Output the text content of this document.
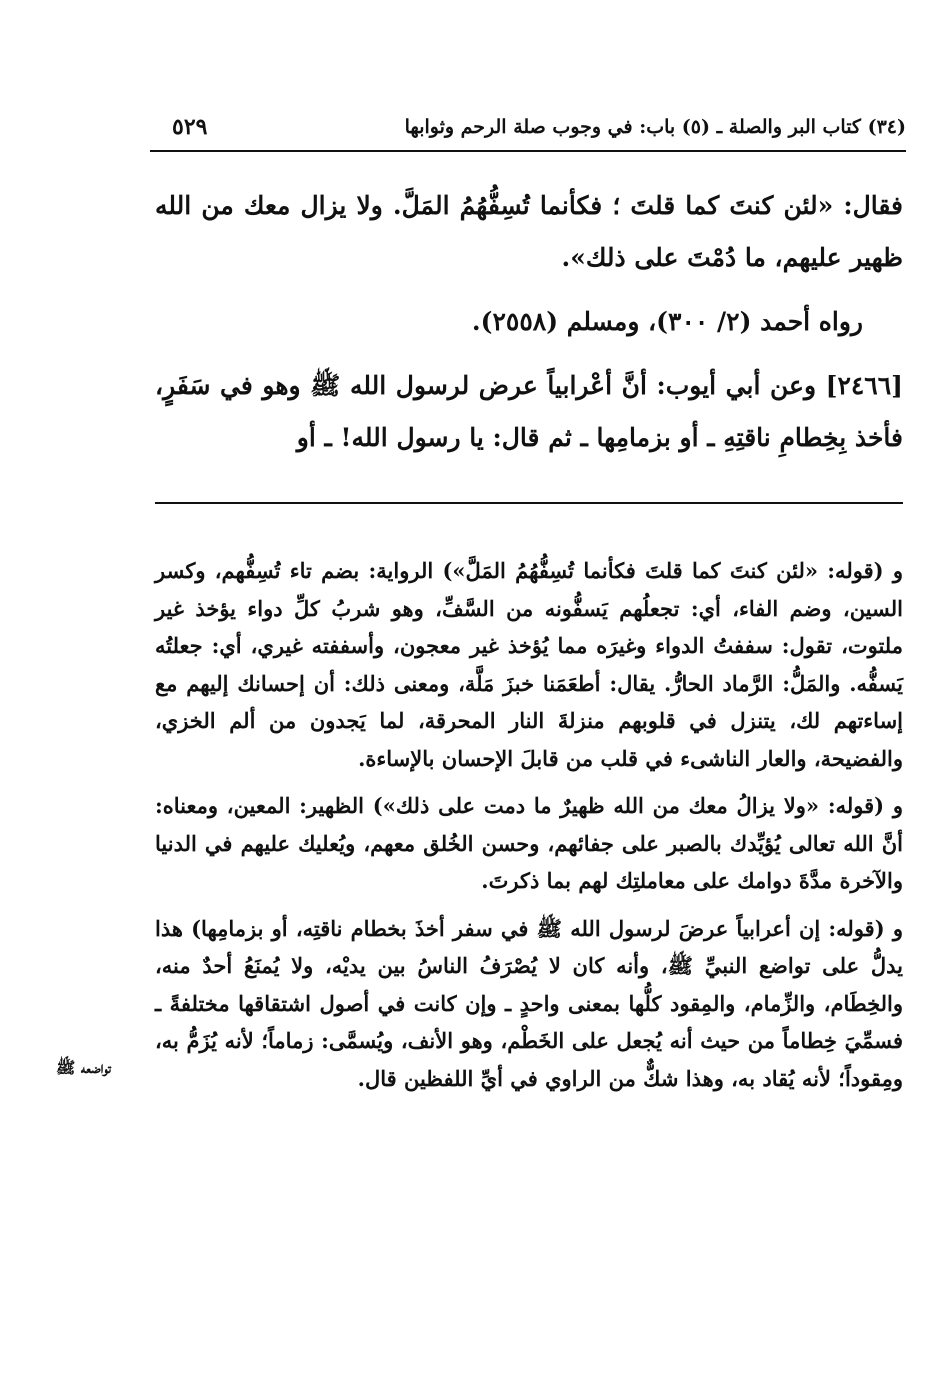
٥٢٩	(٣٤) كتاب البر والصلة ـ (٥) باب: في وجوب صلة الرحم وثوابها

فقال: «لئن كنتَ كما قلتَ ؛ فكأنما تُسِفُّهُمُ المَلَّ. ولا يزال معك من الله ظهير عليهم، ما دُمْتَ على ذلك».

رواه أحمد (٢/ ٣٠٠)، ومسلم (٢٥٥٨).

[٢٤٦٦] وعن أبي أيوب: أنَّ أعْرابياً عرض لرسول الله ﷺ وهو في سَفَرٍ، فأخذ بِخِطامِ ناقتِهِ ـ أو بزمامِها ـ ثم قال: يا رسول الله! ـ أو

و (قوله: «لئن كنتَ كما قلتَ فكأنما تُسِفُّهُمُ المَلَّ») الرواية: بضم تاء تُسِفُّهم، وكسر السين، وضم الفاء، أي: تجعلُهم يَسفُّونه من السَّفِّ، وهو شربُ كلِّ دواء يؤخذ غير ملتوت، تقول: سففتُ الدواء وغيرَه مما يُؤخذ غير معجون، وأسففته غيري، أي: جعلتُه يَسفُّه. والمَلُّ: الرَّماد الحارُّ. يقال: أطعَمَنا خبزَ مَلَّة، ومعنى ذلك: أن إحسانك إليهم مع إساءتهم لك، يتنزل في قلوبهم منزلةَ النار المحرقة، لما يَجدون من ألم الخزي، والفضيحة، والعار الناشىء في قلب من قابلَ الإحسان بالإساءة.

و (قوله: «ولا يزالُ معك من الله ظهيرٌ ما دمت على ذلك») الظهير: المعين، ومعناه: أنَّ الله تعالى يُؤيِّدك بالصبر على جفائهم، وحسن الخُلق معهم، ويُعليك عليهم في الدنيا والآخرة مدَّةَ دوامك على معاملتِك لهم بما ذكرتَ.

و (قوله: إن أعرابياً عرضَ لرسول الله ﷺ في سفر أخذَ بخطام ناقتِه، أو بزمامِها) هذا يدلُّ على تواضع النبيِّ ﷺ، وأنه كان لا يُصْرَفُ الناسُ بين يديْه، ولا يُمنَعُ أحدٌ منه، والخِطَام، والزِّمام، والمِقود كلُّها بمعنى واحدٍ ـ وإن كانت في أصول اشتقاقها مختلفةً ـ فسمِّيَ خِطاماً من حيث أنه يُجعل على الخَطْم، وهو الأنف، ويُسمَّى: زماماً؛ لأنه يُزَمُّ به، ومِقوداً؛ لأنه يُقاد به، وهذا شكٌّ من الراوي في أيِّ اللفظين قال.

تواضعه ﷺ
